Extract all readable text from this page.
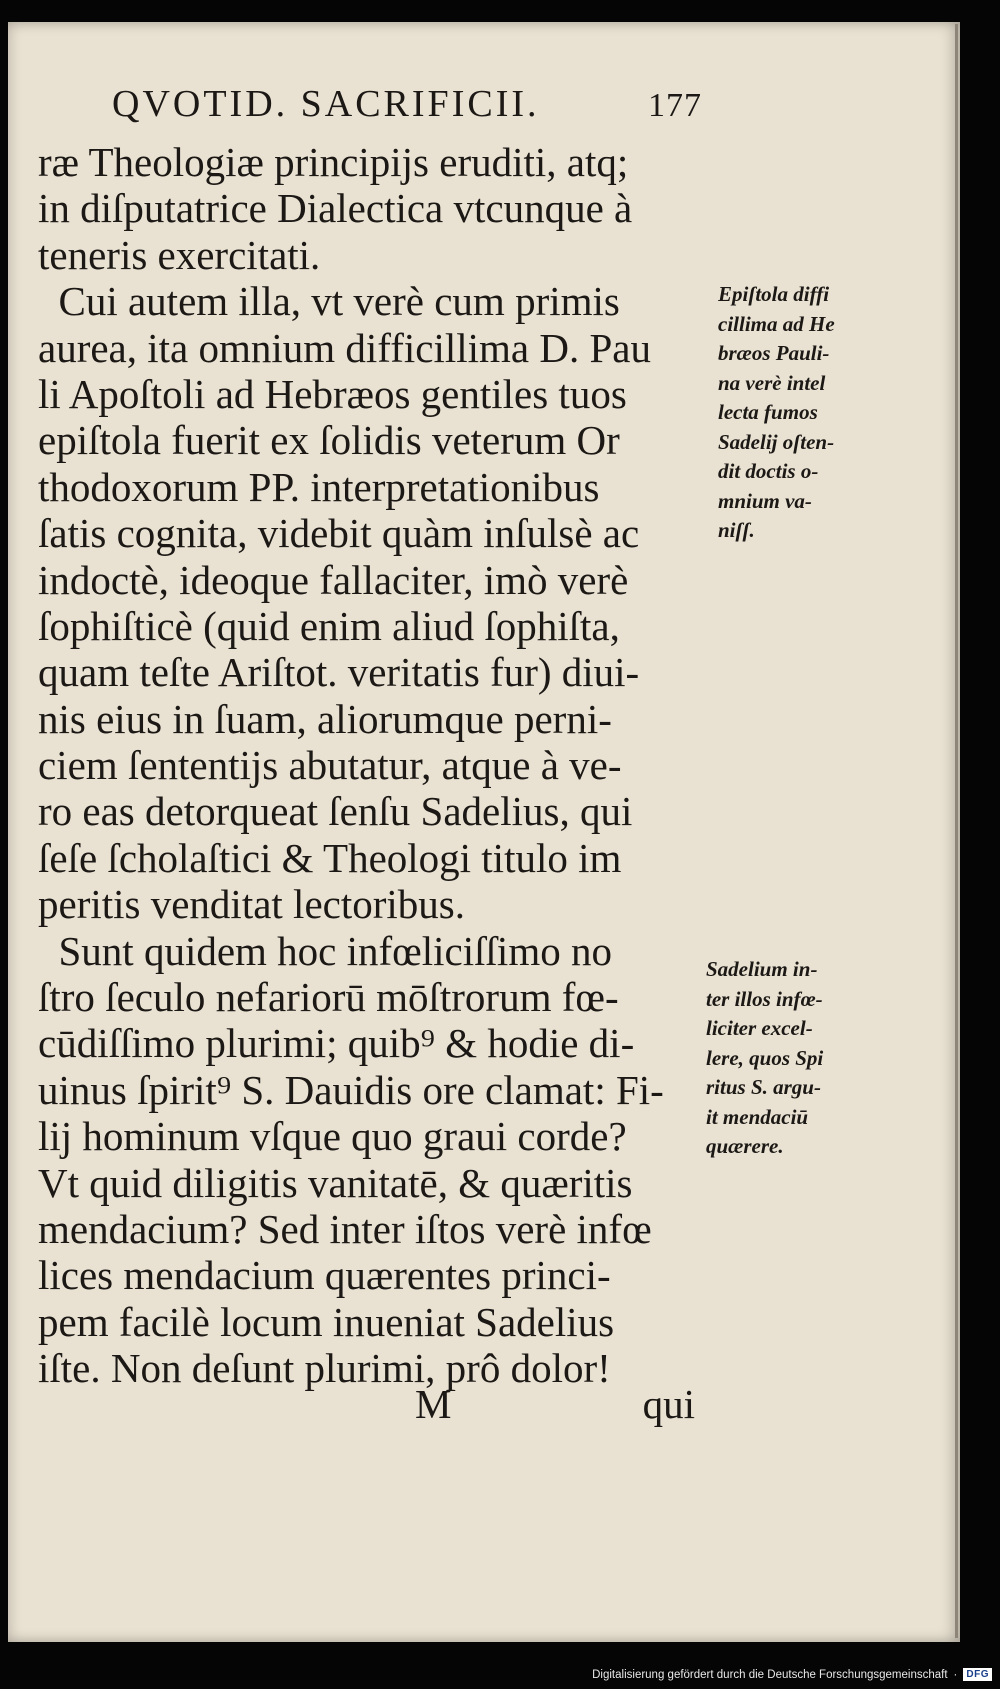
QVOTID. SACRIFICII.	177
ræ Theologiæ principijs eruditi, atq;
in diſputatrice Dialectica vtcunque à
teneris exercitati.
Cui autem illa, vt verè cum primis
aurea, ita omnium difficillima D. Pau
li Apoſtoli ad Hebræos gentiles tuos
epiſtola fuerit ex ſolidis veterum Or
thodoxorum PP. interpretationibus
ſatis cognita, videbit quàm inſulsè ac
indoctè, ideoque fallaciter, imò verè
ſophiſticè (quid enim aliud ſophiſta,
quam teſte Ariſtot. veritatis fur) diui-
nis eius in ſuam, aliorumque perni-
ciem ſententijs abutatur, atque à ve-
ro eas detorqueat ſenſu Sadelius, qui
ſeſe ſcholaſtici & Theologi titulo im
peritis venditat lectoribus.
Sunt quidem hoc infœliciſſimo no
ſtro ſeculo nefariorū mōſtrorum fœ-
cūdiſſimo plurimi; quib⁹ & hodie di-
uinus ſpirit⁹ S. Dauidis ore clamat: Fi-
lij hominum vſque quo graui corde?
Vt quid diligitis vanitatē, & quæritis
mendacium? Sed inter iſtos verè infœ
lices mendacium quærentes princi-
pem facilè locum inueniat Sadelius
iſte. Non deſunt plurimi, prô dolor!
Epiſtola diffi
cillima ad He
bræos Pauli-
na verè intel
lecta fumos
Sadelij oſten-
dit doctis o-
mnium va-
niſſ.
Sadelium in-
ter illos infœ-
liciter excel-
lere, quos Spi
ritus S. argu-
it mendaciū
quærere.
M	qui
Digitalisierung gefördert durch die Deutsche Forschungsgemeinschaft · DFG
